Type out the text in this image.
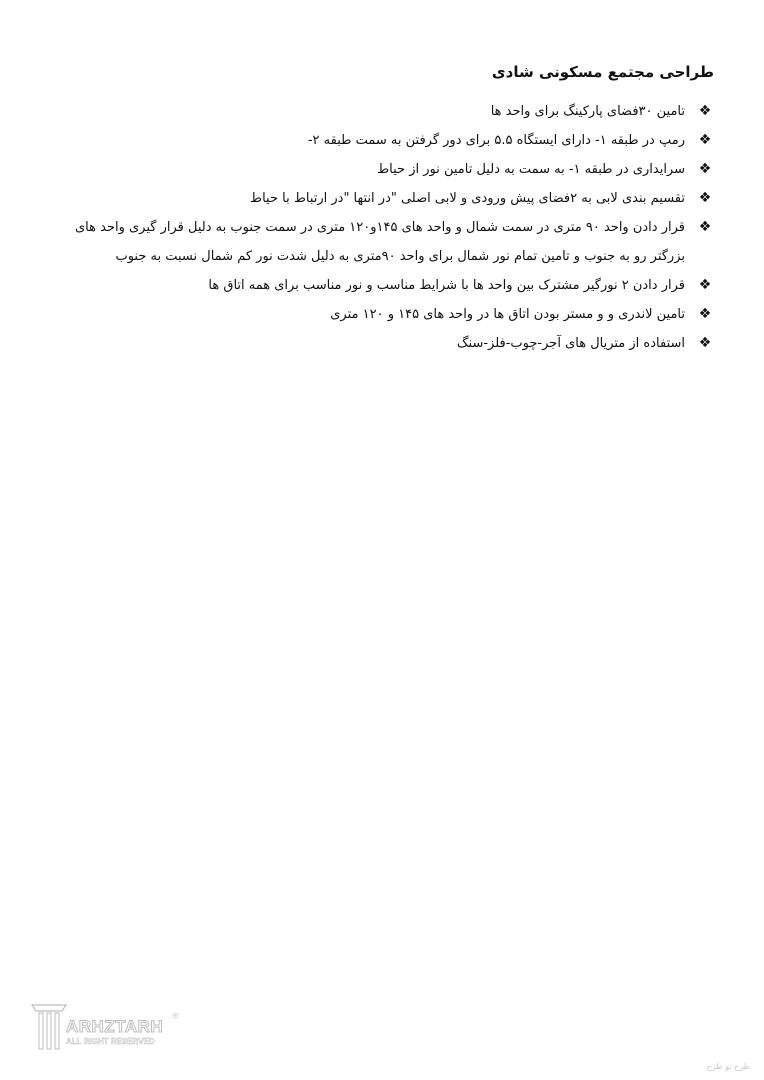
طراحی مجتمع مسکونی شادی
❖
تامین ۳۰فضای پارکینگ برای واحد ها
❖
رمپ در طبقه ۱- دارای ایستگاه ۵.۵ برای دور گرفتن به سمت طبقه ۲-
❖
سرایداری در طبقه ۱- به سمت به دلیل تامین نور از حیاط
❖
تقسیم بندی لابی به ۲فضای پیش ورودی و لابی اصلی "در انتها "در ارتباط با حیاط
❖
قرار دادن واحد ۹۰ متری در سمت شمال و واحد های ۱۴۵و۱۲۰ متری در سمت جنوب به دلیل قرار گیری واحد های بزرگتر رو به جنوب و تامین تمام نور شمال برای واحد ۹۰متری به دلیل شدت نور کم شمال نسبت به جنوب
❖
قرار دادن ۲ نورگیر مشترک بین واحد ها با شرایط مناسب و نور مناسب برای همه اتاق ها
❖
تامین لاندری و و مستر بودن اتاق ها در واحد های ۱۴۵ و ۱۲۰ متری
❖
استفاده از متریال های آجر-چوب-فلز-سنگ
ARHZTARH
ALL RIGHT RESERVED
®
طرح تو طرح
